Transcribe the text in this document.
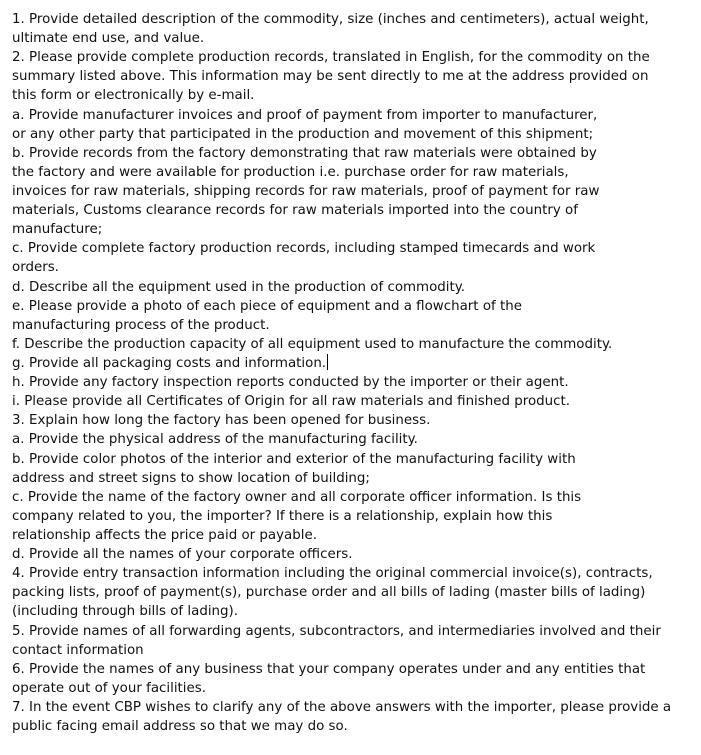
1. Provide detailed description of the commodity, size (inches and centimeters), actual weight,
ultimate end use, and value.
2. Please provide complete production records, translated in English, for the commodity on the
summary listed above. This information may be sent directly to me at the address provided on
this form or electronically by e-mail.
a. Provide manufacturer invoices and proof of payment from importer to manufacturer,
or any other party that participated in the production and movement of this shipment;
b. Provide records from the factory demonstrating that raw materials were obtained by
the factory and were available for production i.e. purchase order for raw materials,
invoices for raw materials, shipping records for raw materials, proof of payment for raw
materials, Customs clearance records for raw materials imported into the country of
manufacture;
c. Provide complete factory production records, including stamped timecards and work
orders.
d. Describe all the equipment used in the production of commodity.
e. Please provide a photo of each piece of equipment and a flowchart of the
manufacturing process of the product.
f. Describe the production capacity of all equipment used to manufacture the commodity.
g. Provide all packaging costs and information.
h. Provide any factory inspection reports conducted by the importer or their agent.
i. Please provide all Certificates of Origin for all raw materials and finished product.
3. Explain how long the factory has been opened for business.
a. Provide the physical address of the manufacturing facility.
b. Provide color photos of the interior and exterior of the manufacturing facility with
address and street signs to show location of building;
c. Provide the name of the factory owner and all corporate officer information. Is this
company related to you, the importer? If there is a relationship, explain how this
relationship affects the price paid or payable.
d. Provide all the names of your corporate officers.
4. Provide entry transaction information including the original commercial invoice(s), contracts,
packing lists, proof of payment(s), purchase order and all bills of lading (master bills of lading)
(including through bills of lading).
5. Provide names of all forwarding agents, subcontractors, and intermediaries involved and their
contact information
6. Provide the names of any business that your company operates under and any entities that
operate out of your facilities.
7. In the event CBP wishes to clarify any of the above answers with the importer, please provide a
public facing email address so that we may do so.
